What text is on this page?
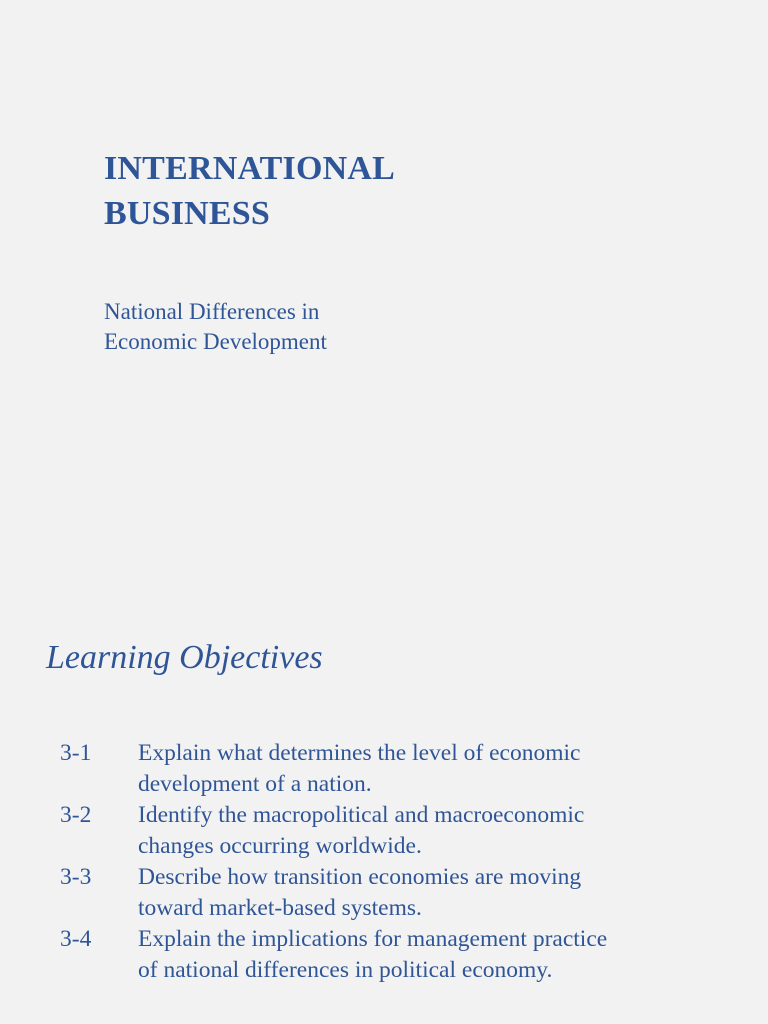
INTERNATIONAL
BUSINESS

National Differences in
Economic Development

Learning Objectives
3-1	Explain what determines the level of economic
development of a nation.
3-2	Identify the macropolitical and macroeconomic
changes occurring worldwide.
3-3	Describe how transition economies are moving
toward market-based systems.
3-4	Explain the implications for management practice
of national differences in political economy.
